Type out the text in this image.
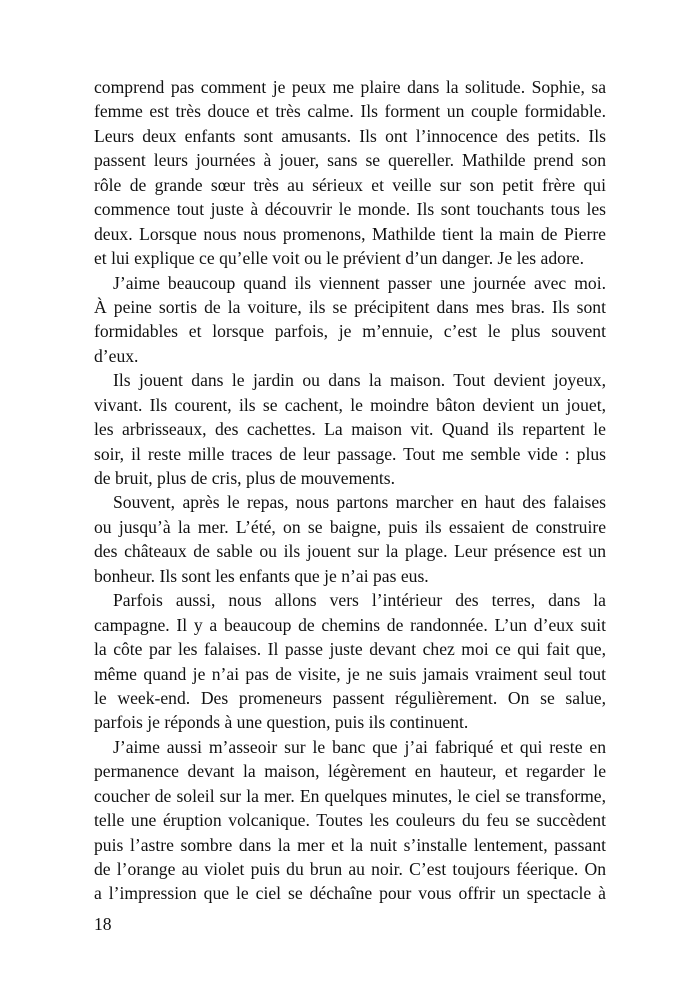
comprend pas comment je peux me plaire dans la solitude. Sophie, sa
femme est très douce et très calme. Ils forment un couple formidable.
Leurs deux enfants sont amusants. Ils ont l’innocence des petits. Ils
passent leurs journées à jouer, sans se quereller. Mathilde prend son
rôle de grande sœur très au sérieux et veille sur son petit frère qui
commence tout juste à découvrir le monde. Ils sont touchants tous les
deux. Lorsque nous nous promenons, Mathilde tient la main de Pierre
et lui explique ce qu’elle voit ou le prévient d’un danger. Je les adore.
J’aime beaucoup quand ils viennent passer une journée avec moi.
À peine sortis de la voiture, ils se précipitent dans mes bras. Ils sont
formidables et lorsque parfois, je m’ennuie, c’est le plus souvent
d’eux.
Ils jouent dans le jardin ou dans la maison. Tout devient joyeux,
vivant. Ils courent, ils se cachent, le moindre bâton devient un jouet,
les arbrisseaux, des cachettes. La maison vit. Quand ils repartent le
soir, il reste mille traces de leur passage. Tout me semble vide : plus
de bruit, plus de cris, plus de mouvements.
Souvent, après le repas, nous partons marcher en haut des falaises
ou jusqu’à la mer. L’été, on se baigne, puis ils essaient de construire
des châteaux de sable ou ils jouent sur la plage. Leur présence est un
bonheur. Ils sont les enfants que je n’ai pas eus.
Parfois aussi, nous allons vers l’intérieur des terres, dans la
campagne. Il y a beaucoup de chemins de randonnée. L’un d’eux suit
la côte par les falaises. Il passe juste devant chez moi ce qui fait que,
même quand je n’ai pas de visite, je ne suis jamais vraiment seul tout
le week-end. Des promeneurs passent régulièrement. On se salue,
parfois je réponds à une question, puis ils continuent.
J’aime aussi m’asseoir sur le banc que j’ai fabriqué et qui reste en
permanence devant la maison, légèrement en hauteur, et regarder le
coucher de soleil sur la mer. En quelques minutes, le ciel se transforme,
telle une éruption volcanique. Toutes les couleurs du feu se succèdent
puis l’astre sombre dans la mer et la nuit s’installe lentement, passant
de l’orange au violet puis du brun au noir. C’est toujours féerique. On
a l’impression que le ciel se déchaîne pour vous offrir un spectacle à
18
